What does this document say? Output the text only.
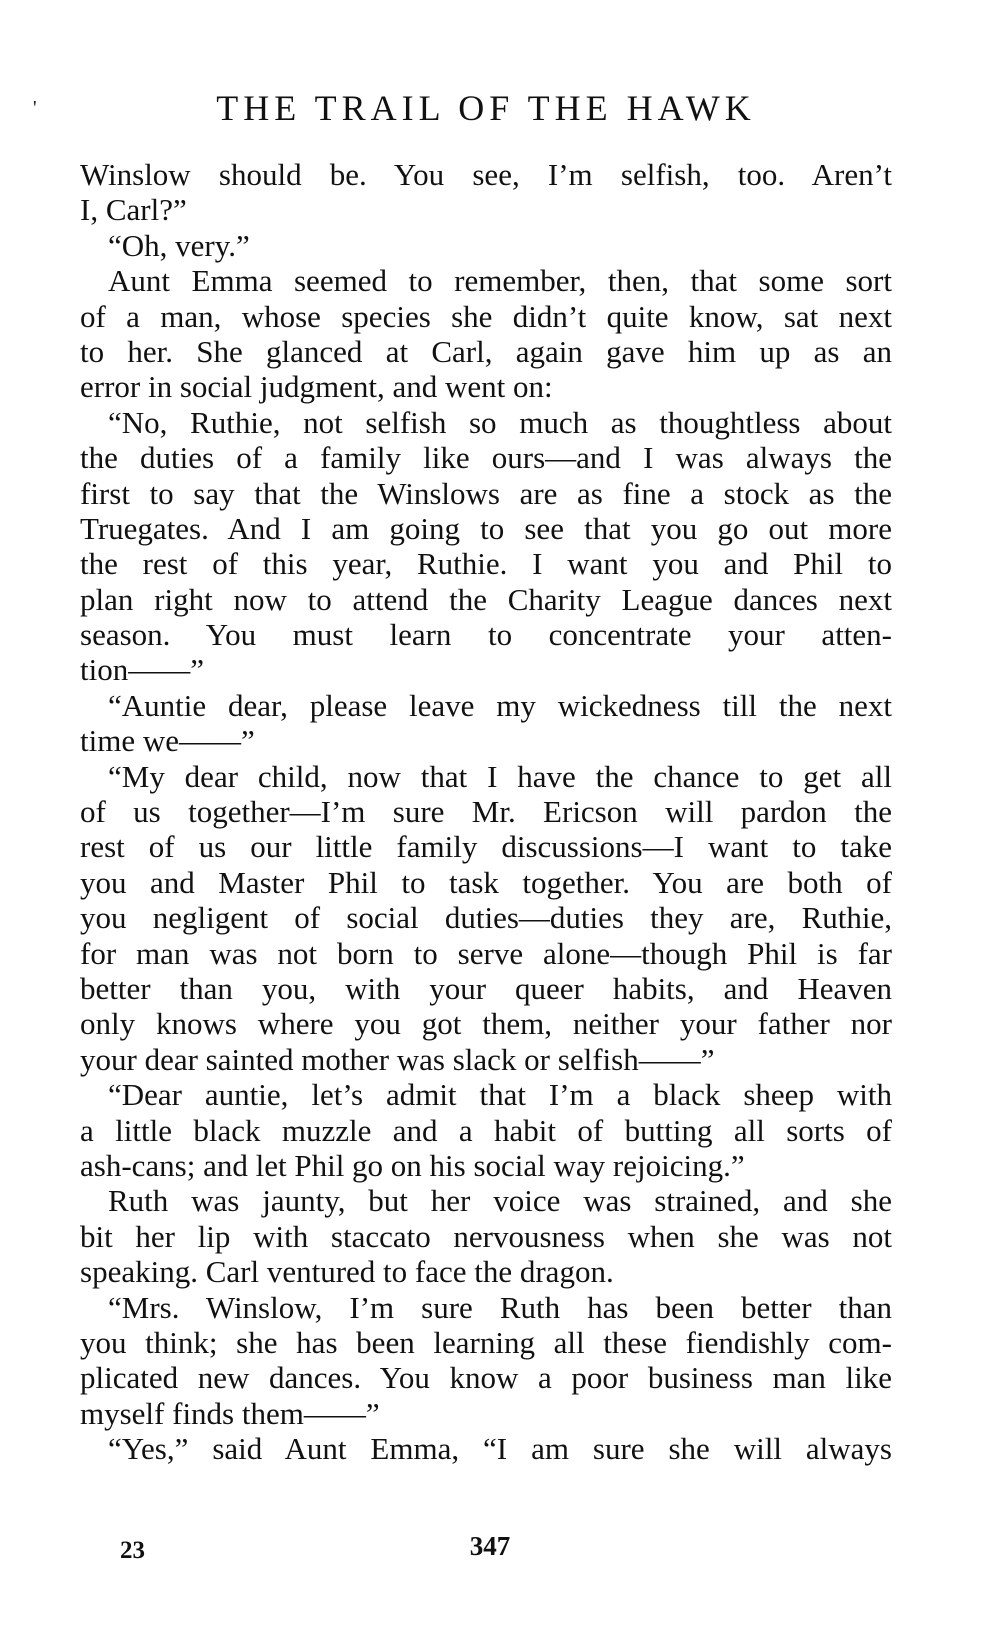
'	THE TRAIL OF THE HAWK
Winslow should be. You see, I’m selfish, too. Aren’t
I, Carl?”
“Oh, very.”
Aunt Emma seemed to remember, then, that some sort
of a man, whose species she didn’t quite know, sat next
to her. She glanced at Carl, again gave him up as an
error in social judgment, and went on:
“No, Ruthie, not selfish so much as thoughtless about
the duties of a family like ours—and I was always the
first to say that the Winslows are as fine a stock as the
Truegates. And I am going to see that you go out more
the rest of this year, Ruthie. I want you and Phil to
plan right now to attend the Charity League dances next
season. You must learn to concentrate your atten-
tion——”
“Auntie dear, please leave my wickedness till the next
time we——”
“My dear child, now that I have the chance to get all
of us together—I’m sure Mr. Ericson will pardon the
rest of us our little family discussions—I want to take
you and Master Phil to task together. You are both of
you negligent of social duties—duties they are, Ruthie,
for man was not born to serve alone—though Phil is far
better than you, with your queer habits, and Heaven
only knows where you got them, neither your father nor
your dear sainted mother was slack or selfish——”
“Dear auntie, let’s admit that I’m a black sheep with
a little black muzzle and a habit of butting all sorts of
ash-cans; and let Phil go on his social way rejoicing.”
Ruth was jaunty, but her voice was strained, and she
bit her lip with staccato nervousness when she was not
speaking. Carl ventured to face the dragon.
“Mrs. Winslow, I’m sure Ruth has been better than
you think; she has been learning all these fiendishly com-
plicated new dances. You know a poor business man like
myself finds them——”
“Yes,” said Aunt Emma, “I am sure she will always
23	347
